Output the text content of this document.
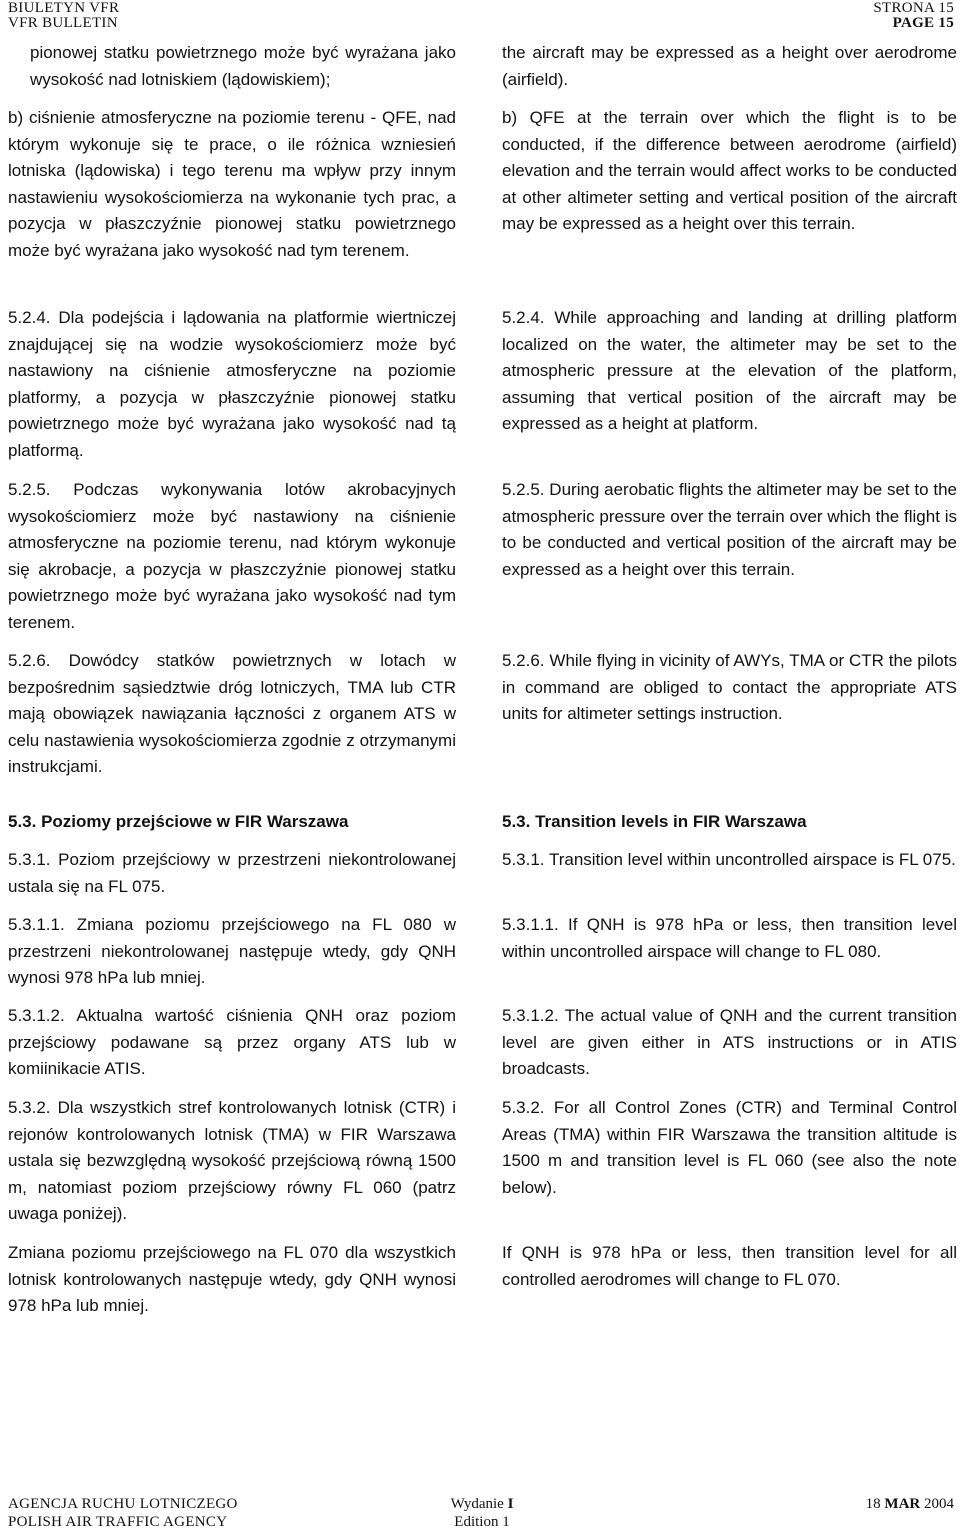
BIULETYN VFR
VFR BULLETIN
STRONA 15
PAGE 15

pionowej statku powietrznego może być wyrażana jako wysokość nad lotniskiem (lądowiskiem);

b) ciśnienie atmosferyczne na poziomie terenu - QFE, nad którym wykonuje się te prace, o ile różnica wzniesień lotniska (lądowiska) i tego terenu ma wpływ przy innym nastawieniu wysokościomierza na wykonanie tych prac, a pozycja w płaszczyźnie pionowej statku powietrznego może być wyrażana jako wysokość nad tym terenem.

5.2.4. Dla podejścia i lądowania na platformie wiertniczej znajdującej się na wodzie wysokościomierz może być nastawiony na ciśnienie atmosferyczne na poziomie platformy, a pozycja w płaszczyźnie pionowej statku powietrznego może być wyrażana jako wysokość nad tą platformą.

5.2.5. Podczas wykonywania lotów akrobacyjnych wysokościomierz może być nastawiony na ciśnienie atmosferyczne na poziomie terenu, nad którym wykonuje się akrobacje, a pozycja w płaszczyźnie pionowej statku powietrznego może być wyrażana jako wysokość nad tym terenem.

5.2.6. Dowódcy statków powietrznych w lotach w bezpośrednim sąsiedztwie dróg lotniczych, TMA lub CTR mają obowiązek nawiązania łączności z organem ATS w celu nastawienia wysokościomierza zgodnie z otrzymanymi instrukcjami.

5.3. Poziomy przejściowe w FIR Warszawa

5.3.1. Poziom przejściowy w przestrzeni niekontrolowanej ustala się na FL 075.

5.3.1.1. Zmiana poziomu przejściowego na FL 080 w przestrzeni niekontrolowanej następuje wtedy, gdy QNH wynosi 978 hPa lub mniej.

5.3.1.2. Aktualna wartość ciśnienia QNH oraz poziom przejściowy podawane są przez organy ATS lub w komiinikacie ATIS.

5.3.2. Dla wszystkich stref kontrolowanych lotnisk (CTR) i rejonów kontrolowanych lotnisk (TMA) w FIR Warszawa ustala się bezwzględną wysokość przejściową równą 1500 m, natomiast poziom przejściowy równy FL 060 (patrz uwaga poniżej).

Zmiana poziomu przejściowego na FL 070 dla wszystkich lotnisk kontrolowanych następuje wtedy, gdy QNH wynosi 978 hPa lub mniej.

the aircraft may be expressed as a height over aerodrome (airfield).

b) QFE at the terrain over which the flight is to be conducted, if the difference between aerodrome (airfield) elevation and the terrain would affect works to be conducted at other altimeter setting and vertical position of the aircraft may be expressed as a height over this terrain.

5.2.4. While approaching and landing at drilling platform localized on the water, the altimeter may be set to the atmospheric pressure at the elevation of the platform, assuming that vertical position of the aircraft may be expressed as a height at platform.

5.2.5. During aerobatic flights the altimeter may be set to the atmospheric pressure over the terrain over which the flight is to be conducted and vertical position of the aircraft may be expressed as a height over this terrain.

5.2.6. While flying in vicinity of AWYs, TMA or CTR the pilots in command are obliged to contact the appropriate ATS units for altimeter settings instruction.

5.3. Transition levels in FIR Warszawa

5.3.1. Transition level within uncontrolled airspace is FL 075.

5.3.1.1. If QNH is 978 hPa or less, then transition level within uncontrolled airspace will change to FL 080.

5.3.1.2. The actual value of QNH and the current transition level are given either in ATS instructions or in ATIS broadcasts.

5.3.2. For all Control Zones (CTR) and Terminal Control Areas (TMA) within FIR Warszawa the transition altitude is 1500 m and transition level is FL 060 (see also the note below).

If QNH is 978 hPa or less, then transition level for all controlled aerodromes will change to FL 070.

AGENCJA RUCHU LOTNICZEGO
POLISH AIR TRAFFIC AGENCY
Wydanie I
Edition 1
18 MAR 2004
